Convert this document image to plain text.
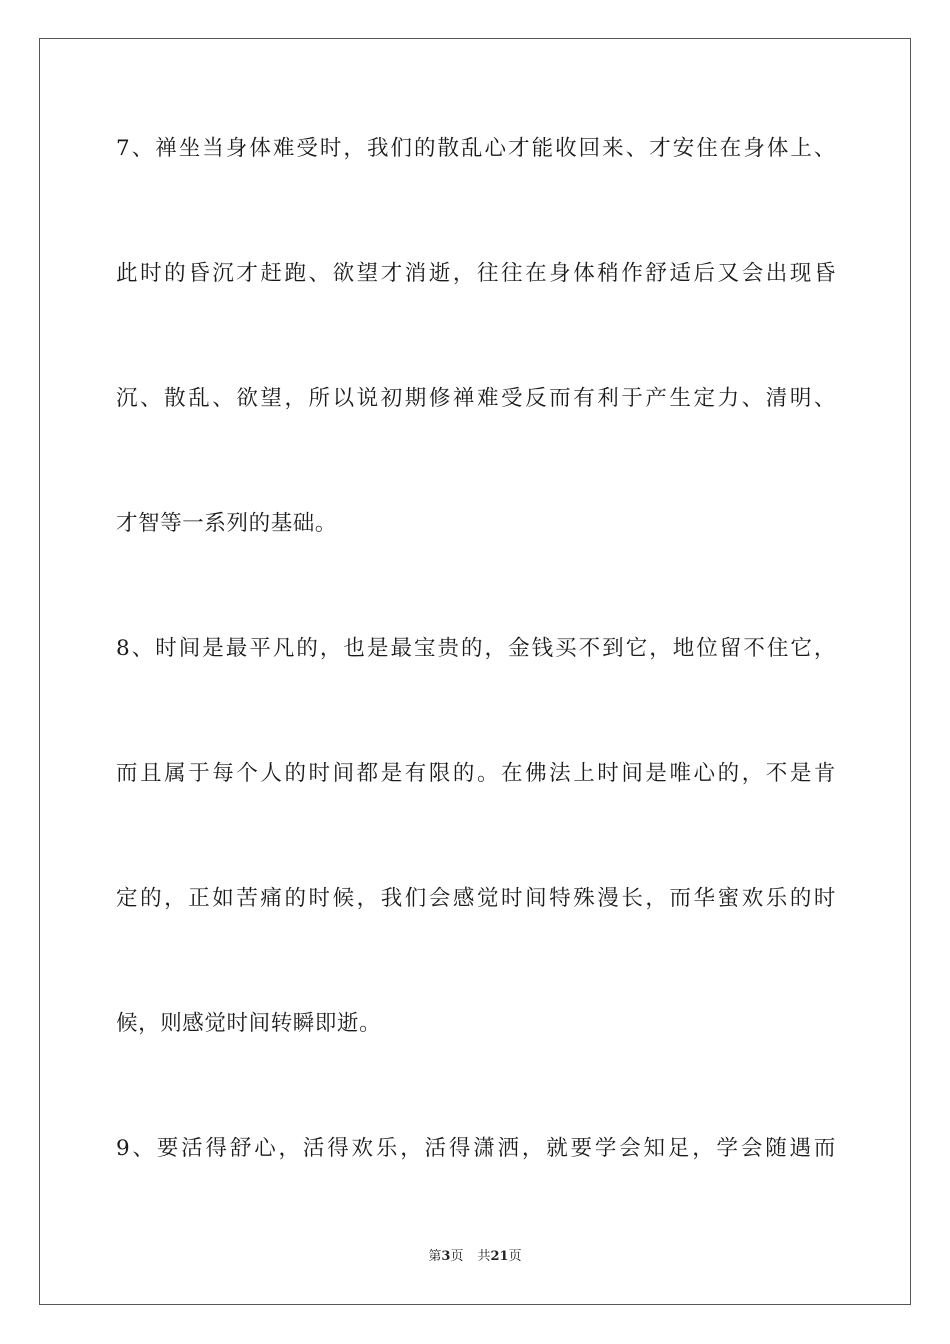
7、禅坐当身体难受时，我们的散乱心才能收回来、才安住在身体上、
此时的昏沉才赶跑、欲望才消逝，往往在身体稍作舒适后又会出现昏
沉、散乱、欲望，所以说初期修禅难受反而有利于产生定力、清明、
才智等一系列的基础。
8、时间是最平凡的，也是最宝贵的，金钱买不到它，地位留不住它，
而且属于每个人的时间都是有限的。在佛法上时间是唯心的，不是肯
定的，正如苦痛的时候，我们会感觉时间特殊漫长，而华蜜欢乐的时
候，则感觉时间转瞬即逝。
9、要活得舒心，活得欢乐，活得潇洒，就要学会知足，学会随遇而
第3页 共21页
